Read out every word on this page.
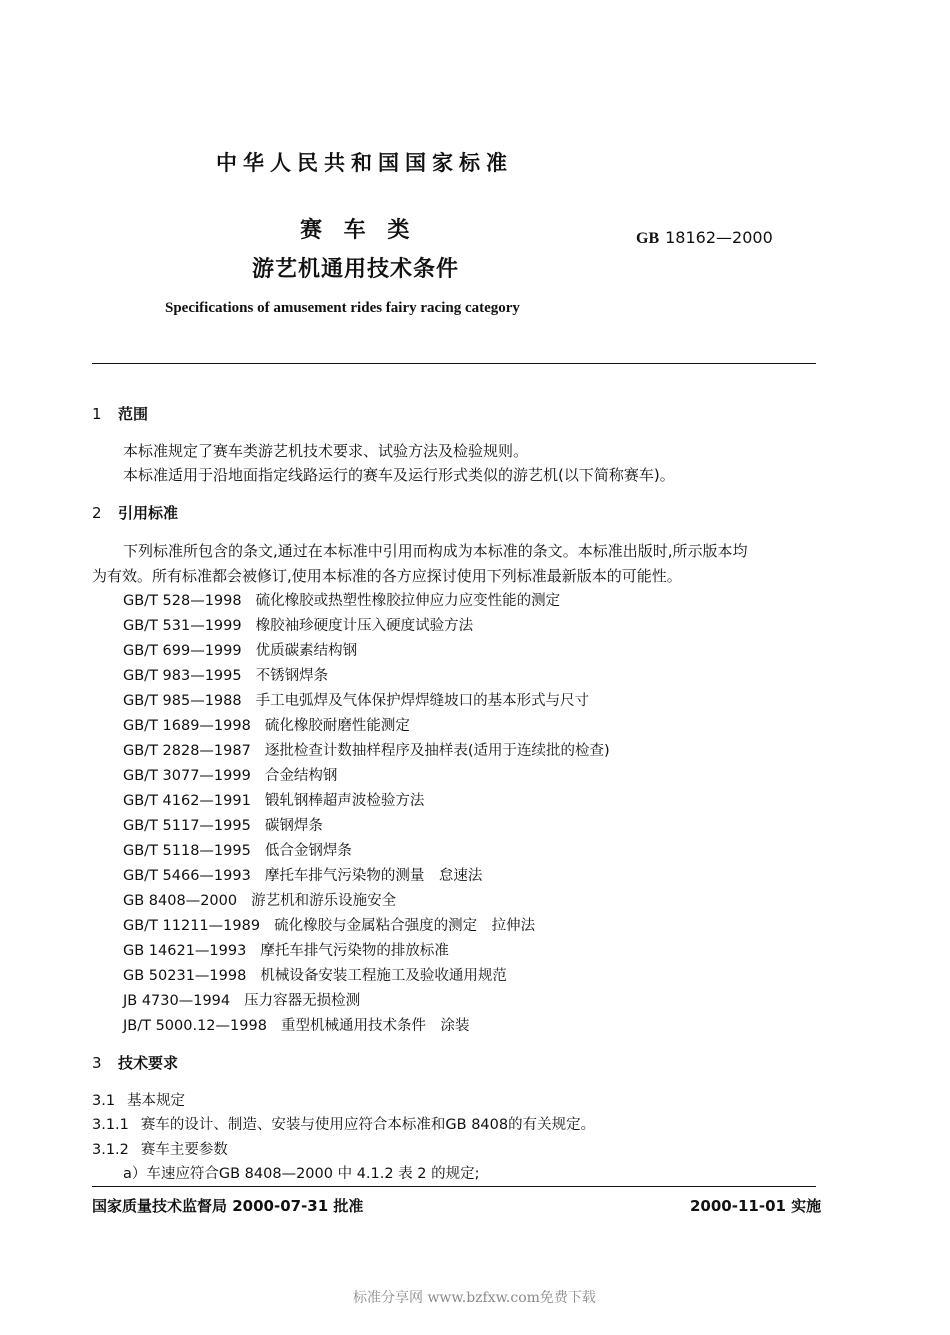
中华人民共和国国家标准
赛 车 类
游艺机通用技术条件
GB 18162—2000
Specifications of amusement rides fairy racing category
1 范围
本标准规定了赛车类游艺机技术要求、试验方法及检验规则。
本标准适用于沿地面指定线路运行的赛车及运行形式类似的游艺机(以下简称赛车)。
2 引用标准
下列标准所包含的条文,通过在本标准中引用而构成为本标准的条文。本标准出版时,所示版本均
为有效。所有标准都会被修订,使用本标准的各方应探讨使用下列标准最新版本的可能性。
GB/T 528—1998 硫化橡胶或热塑性橡胶拉伸应力应变性能的测定
GB/T 531—1999 橡胶袖珍硬度计压入硬度试验方法
GB/T 699—1999 优质碳素结构钢
GB/T 983—1995 不锈钢焊条
GB/T 985—1988 手工电弧焊及气体保护焊焊缝坡口的基本形式与尺寸
GB/T 1689—1998 硫化橡胶耐磨性能测定
GB/T 2828—1987 逐批检查计数抽样程序及抽样表(适用于连续批的检查)
GB/T 3077—1999 合金结构钢
GB/T 4162—1991 锻轧钢棒超声波检验方法
GB/T 5117—1995 碳钢焊条
GB/T 5118—1995 低合金钢焊条
GB/T 5466—1993 摩托车排气污染物的测量　怠速法
GB 8408—2000 游艺机和游乐设施安全
GB/T 11211—1989 硫化橡胶与金属粘合强度的测定　拉伸法
GB 14621—1993 摩托车排气污染物的排放标准
GB 50231—1998 机械设备安装工程施工及验收通用规范
JB 4730—1994 压力容器无损检测
JB/T 5000.12—1998 重型机械通用技术条件　涂装
3 技术要求
3.1 基本规定
3.1.1 赛车的设计、制造、安装与使用应符合本标准和GB 8408的有关规定。
3.1.2 赛车主要参数
a）车速应符合GB 8408—2000 中 4.1.2 表 2 的规定;
国家质量技术监督局 2000-07-31 批准	2000-11-01 实施
标准分享网 www.bzfxw.com免费下载
